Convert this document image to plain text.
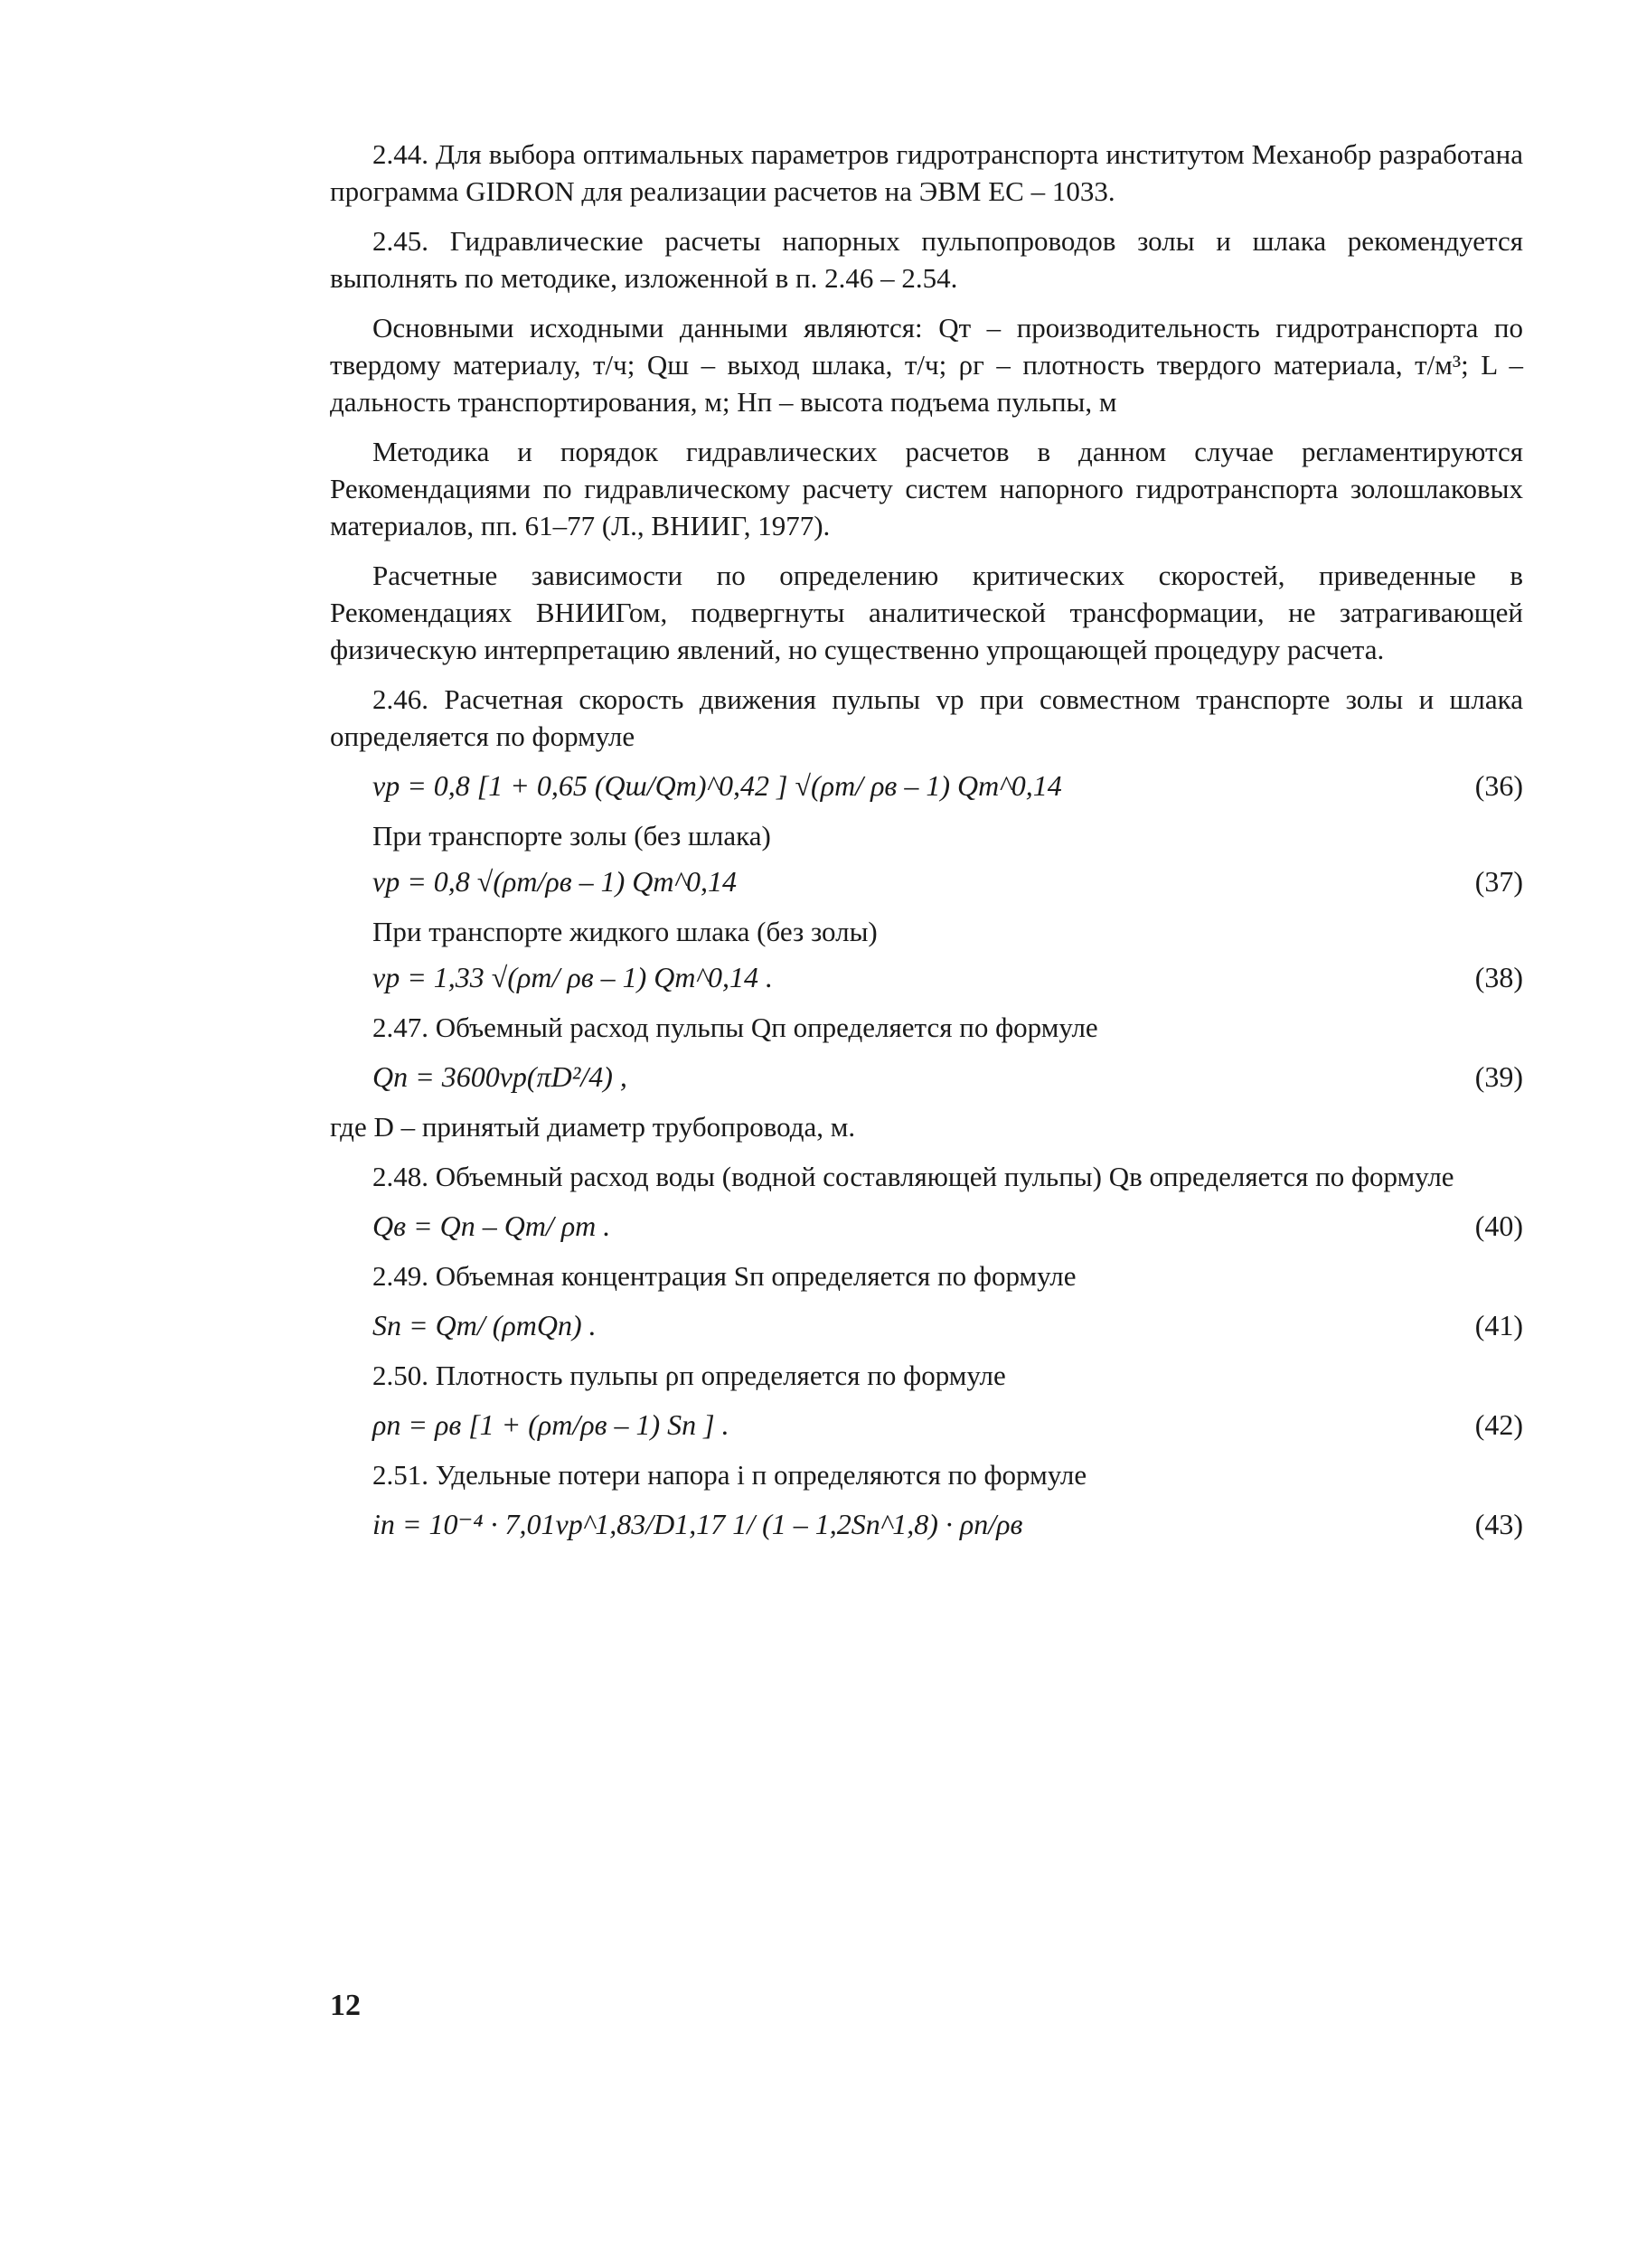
2.44. Для выбора оптимальных параметров гидротранспорта институтом Механобр разработана программа GIDRON для реализации расчетов на ЭВМ ЕС – 1033.

2.45. Гидравлические расчеты напорных пульпопроводов золы и шлака рекомендуется выполнять по методике, изложенной в п. 2.46 – 2.54.

Основными исходными данными являются: Qт – производительность гидротранспорта по твердому материалу, т/ч; Qш – выход шлака, т/ч; ρг – плотность твердого материала, т/м³; L – дальность транспортирования, м; Hп – высота подъема пульпы, м

Методика и порядок гидравлических расчетов в данном случае регламентируются Рекомендациями по гидравлическому расчету систем напорного гидротранспорта золошлаковых материалов, пп. 61–77 (Л., ВНИИГ, 1977).

Расчетные зависимости по определению критических скоростей, приведенные в Рекомендациях ВНИИГом, подвергнуты аналитической трансформации, не затрагивающей физическую интерпретацию явлений, но существенно упрощающей процедуру расчета.

2.46. Расчетная скорость движения пульпы vр при совместном транспорте золы и шлака определяется по формуле

vр = 0,8 [1 + 0,65 (Qш/Qт)^0,42 ] √(ρт/ ρв – 1) Qт^0,14	(36)
При транспорте золы (без шлака)
vр = 0,8 √(ρт/ρв – 1) Qт^0,14	(37)
При транспорте жидкого шлака (без золы)
vр = 1,33 √(ρт/ ρв – 1) Qт^0,14 .	(38)

2.47. Объемный расход пульпы Qп определяется по формуле

Qп = 3600vр(πD²/4) ,	(39)

где D – принятый диаметр трубопровода, м.

2.48. Объемный расход воды (водной составляющей пульпы) Qв определяется по формуле

Qв = Qп – Qт/ ρт .	(40)

2.49. Объемная концентрация Sп определяется по формуле

Sп = Qт/ (ρтQп) .	(41)

2.50. Плотность пульпы ρп определяется по формуле

ρп = ρв [1 + (ρт/ρв – 1) Sп ] .	(42)

2.51. Удельные потери напора i п определяются по формуле

iп = 10⁻⁴ · 7,01vр^1,83/D1,17 1/ (1 – 1,2Sп^1,8) · ρп/ρв	(43)
12
